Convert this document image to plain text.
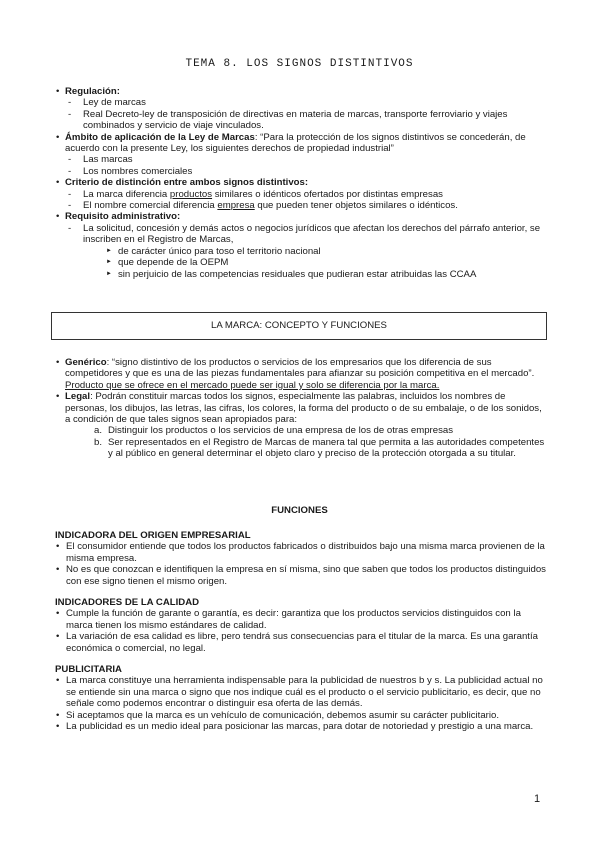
TEMA 8. LOS SIGNOS DISTINTIVOS
• Regulación:
- Ley de marcas
- Real Decreto-ley de transposición de directivas en materia de marcas, transporte ferroviario y viajes combinados y servicio de viaje vinculados.
• Ámbito de aplicación de la Ley de Marcas: “Para la protección de los signos distintivos se concederán, de acuerdo con la presente Ley, los siguientes derechos de propiedad industrial”
- Las marcas
- Los nombres comerciales
• Criterio de distinción entre ambos signos distintivos:
- La marca diferencia productos similares o idénticos ofertados por distintas empresas
- El nombre comercial diferencia empresa que pueden tener objetos similares o idénticos.
• Requisito administrativo:
- La solicitud, concesión y demás actos o negocios jurídicos que afectan los derechos del párrafo anterior, se inscriben en el Registro de Marcas,
► de carácter único para toso el territorio nacional
► que depende de la OEPM
► sin perjuicio de las competencias residuales que pudieran estar atribuidas las CCAA
LA MARCA: CONCEPTO Y FUNCIONES
• Genérico: “signo distintivo de los productos o servicios de los empresarios que los diferencia de sus competidores y que es una de las piezas fundamentales para afianzar su posición competitiva en el mercado”. Producto que se ofrece en el mercado puede ser igual y solo se diferencia por la marca.
• Legal: Podrán constituir marcas todos los signos, especialmente las palabras, incluidos los nombres de personas, los dibujos, las letras, las cifras, los colores, la forma del producto o de su embalaje, o de los sonidos, a condición de que tales signos sean apropiados para:
a. Distinguir los productos o los servicios de una empresa de los de otras empresas
b. Ser representados en el Registro de Marcas de manera tal que permita a las autoridades competentes y al público en general determinar el objeto claro y preciso de la protección otorgada a su titular.
FUNCIONES
INDICADORA DEL ORIGEN EMPRESARIAL
• El consumidor entiende que todos los productos fabricados o distribuidos bajo una misma marca provienen de la misma empresa.
• No es que conozcan e identifiquen la empresa en sí misma, sino que saben que todos los productos distinguidos con ese signo tienen el mismo origen.
INDICADORES DE LA CALIDAD
• Cumple la función de garante o garantía, es decir: garantiza que los productos servicios distinguidos con la marca tienen los mismo estándares de calidad.
• La variación de esa calidad es libre, pero tendrá sus consecuencias para el titular de la marca. Es una garantía económica o comercial, no legal.
PUBLICITARIA
• La marca constituye una herramienta indispensable para la publicidad de nuestros b y s. La publicidad actual no se entiende sin una marca o signo que nos indique cuál es el producto o el servicio publicitario, es decir, que no señale como podemos encontrar o distinguir esa oferta de las demás.
• Si aceptamos que la marca es un vehículo de comunicación, debemos asumir su carácter publicitario.
• La publicidad es un medio ideal para posicionar las marcas, para dotar de notoriedad y prestigio a una marca.
1
